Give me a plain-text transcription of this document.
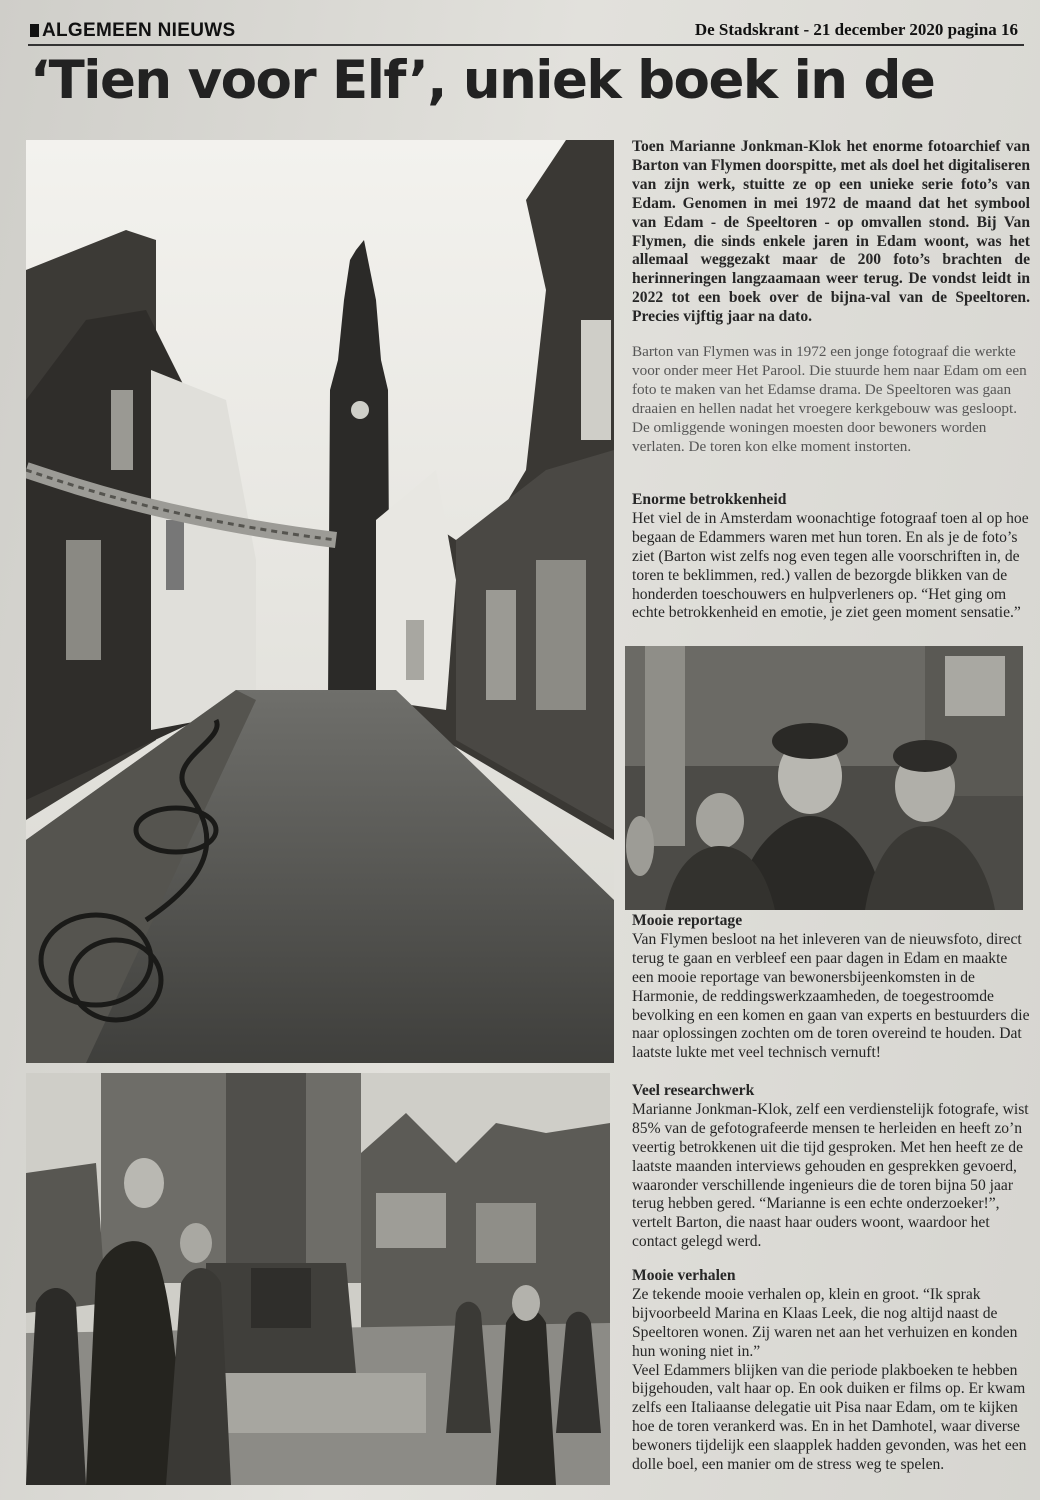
ALGEMEEN NIEUWS	De Stadskrant - 21 december 2020 pagina 16
‘Tien voor Elf’, uniek boek in de
Toen Marianne Jonkman-Klok het enorme fotoarchief van Barton van Flymen doorspitte, met als doel het digitaliseren van zijn werk, stuitte ze op een unieke serie foto’s van Edam. Genomen in mei 1972 de maand dat het symbool van Edam - de Speeltoren - op omvallen stond. Bij Van Flymen, die sinds enkele jaren in Edam woont, was het allemaal weggezakt maar de 200 foto’s brachten de herinneringen langzaamaan weer terug. De vondst leidt in 2022 tot een boek over de bijna-val van de Speeltoren. Precies vijftig jaar na dato.
Barton van Flymen was in 1972 een jonge fotograaf die werkte voor onder meer Het Parool. Die stuurde hem naar Edam om een foto te maken van het Edamse drama. De Speeltoren was gaan draaien en hellen nadat het vroegere kerkgebouw was gesloopt. De omliggende woningen moesten door bewoners worden verlaten. De toren kon elke moment instorten.
Enorme betrokkenheid

Het viel de in Amsterdam woonachtige fotograaf toen al op hoe begaan de Edammers waren met hun toren. En als je de foto’s ziet (Barton wist zelfs nog even tegen alle voorschriften in, de toren te beklimmen, red.) vallen de bezorgde blikken van de honderden toeschouwers en hulpverleners op. “Het ging om echte betrokkenheid en emotie, je ziet geen moment sensatie.”

Mooie reportage

Van Flymen besloot na het inleveren van de nieuwsfoto, direct terug te gaan en verbleef een paar dagen in Edam en maakte een mooie reportage van bewonersbijeenkomsten in de Harmonie, de reddingswerkzaamheden, de toegestroomde bevolking en een komen en gaan van experts en bestuurders die naar oplossingen zochten om de toren overeind te houden. Dat laatste lukte met veel technisch vernuft!

Veel researchwerk

Marianne Jonkman-Klok, zelf een verdienstelijk fotografe, wist 85% van de gefotografeerde mensen te herleiden en heeft zo’n veertig betrokkenen uit die tijd gesproken. Met hen heeft ze de laatste maanden interviews gehouden en gesprekken gevoerd, waaronder verschillende ingenieurs die de toren bijna 50 jaar terug hebben gered. “Marianne is een echte onderzoeker!”, vertelt Barton, die naast haar ouders woont, waardoor het contact gelegd werd.

Mooie verhalen

Ze tekende mooie verhalen op, klein en groot. “Ik sprak bijvoorbeeld Marina en Klaas Leek, die nog altijd naast de Speeltoren wonen. Zij waren net aan het verhuizen en konden hun woning niet in.”

Veel Edammers blijken van die periode plakboeken te hebben bijgehouden, valt haar op. En ook duiken er films op. Er kwam zelfs een Italiaanse delegatie uit Pisa naar Edam, om te kijken hoe de toren verankerd was. En in het Damhotel, waar diverse bewoners tijdelijk een slaapplek hadden gevonden, was het een dolle boel, een manier om de stress weg te spelen.
